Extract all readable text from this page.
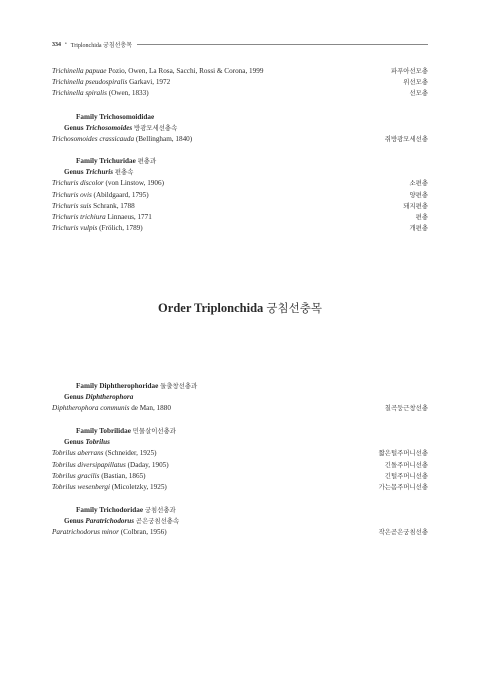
334 • Triplonchida 궁침선충목
Trichinella papuae Pozio, Owen, La Rosa, Sacchi, Rossi & Corona, 1999	파푸아선모충
Trichinella pseudospiralis Garkavi, 1972	위선모충
Trichinella spiralis (Owen, 1833)	선모충
Family Trichosomoididae
Genus Trichosomoides 방광모세선충속
Trichosomoides crassicauda (Bellingham, 1840)	쥐방광모세선충
Family Trichuridae 편충과
Genus Trichuris 편충속
Trichuris discolor (von Linstow, 1906)	소편충
Trichuris ovis (Abildgaard, 1795)	양편충
Trichuris suis Schrank, 1788	돼지편충
Trichuris trichiura Linnaeus, 1771	편충
Trichuris vulpis (Frölich, 1789)	개편충
Order Triplonchida 궁침선충목
Family Diphtherophoridae 둘출창선충과
Genus Diphtherophora
Diphtherophora communis de Man, 1880	칠곡둥근창선충
Family Tobrilidae 민물살이선충과
Genus Tobrilus
Tobrilus aberrans (Schneider, 1925)	짧은털주머니선충
Tobrilus diversipapillatus (Daday, 1905)	긴돌주머니선충
Tobrilus gracilis (Bastian, 1865)	긴털주머니선충
Tobrilus wesenbergi (Micoletzky, 1925)	가는몸주머니선충
Family Trichodoridae 궁침선충과
Genus Paratrichodorus 곧은궁침선충속
Paratrichodorus minor (Colbran, 1956)	작은곧은궁침선충
